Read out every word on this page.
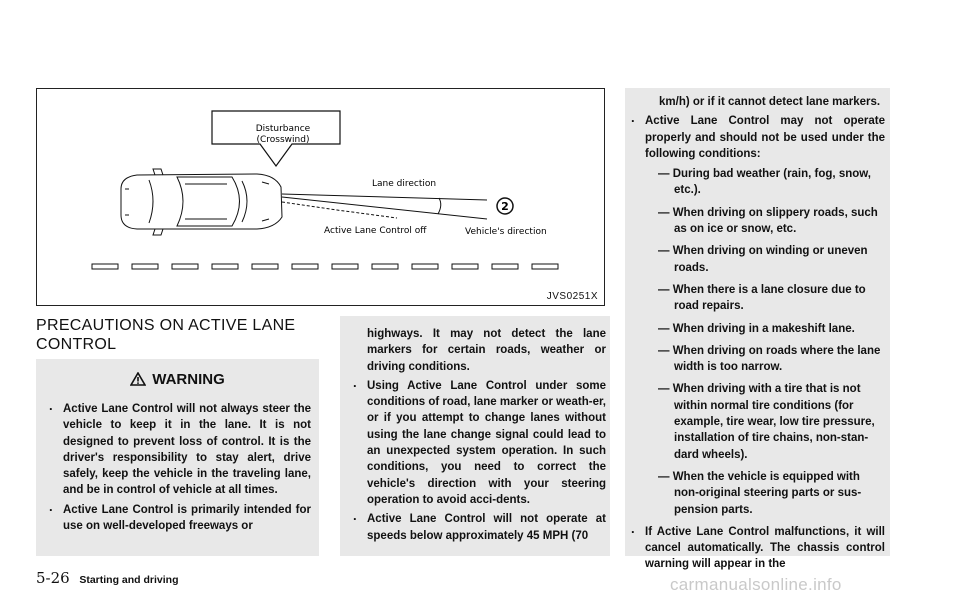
Disturbance
(Crosswind)
Lane direction
Active Lane Control off	Vehicle's direction
2
JVS0251X
PRECAUTIONS ON ACTIVE LANE CONTROL
WARNING
. Active Lane Control will not always steer the vehicle to keep it in the lane. It is not designed to prevent loss of control. It is the driver's responsibility to stay alert, drive safely, keep the vehicle in the traveling lane, and be in control of vehicle at all times.
. Active Lane Control is primarily intended for use on well-developed freeways or
highways. It may not detect the lane markers for certain roads, weather or driving conditions.
. Using Active Lane Control under some conditions of road, lane marker or weath-er, or if you attempt to change lanes without using the lane change signal could lead to an unexpected system operation. In such conditions, you need to correct the vehicle's direction with your steering operation to avoid acci-dents.
. Active Lane Control will not operate at speeds below approximately 45 MPH (70
km/h) or if it cannot detect lane markers.
. Active Lane Control may not operate properly and should not be used under the following conditions:
— During bad weather (rain, fog, snow, etc.).
— When driving on slippery roads, such as on ice or snow, etc.
— When driving on winding or uneven roads.
— When there is a lane closure due to road repairs.
— When driving in a makeshift lane.
— When driving on roads where the lane width is too narrow.
— When driving with a tire that is not within normal tire conditions (for example, tire wear, low tire pressure, installation of tire chains, non-stan-dard wheels).
— When the vehicle is equipped with non-original steering parts or sus-pension parts.
. If Active Lane Control malfunctions, it will cancel automatically. The chassis control warning will appear in the
5-26 Starting and driving	carmanualsonline.info
